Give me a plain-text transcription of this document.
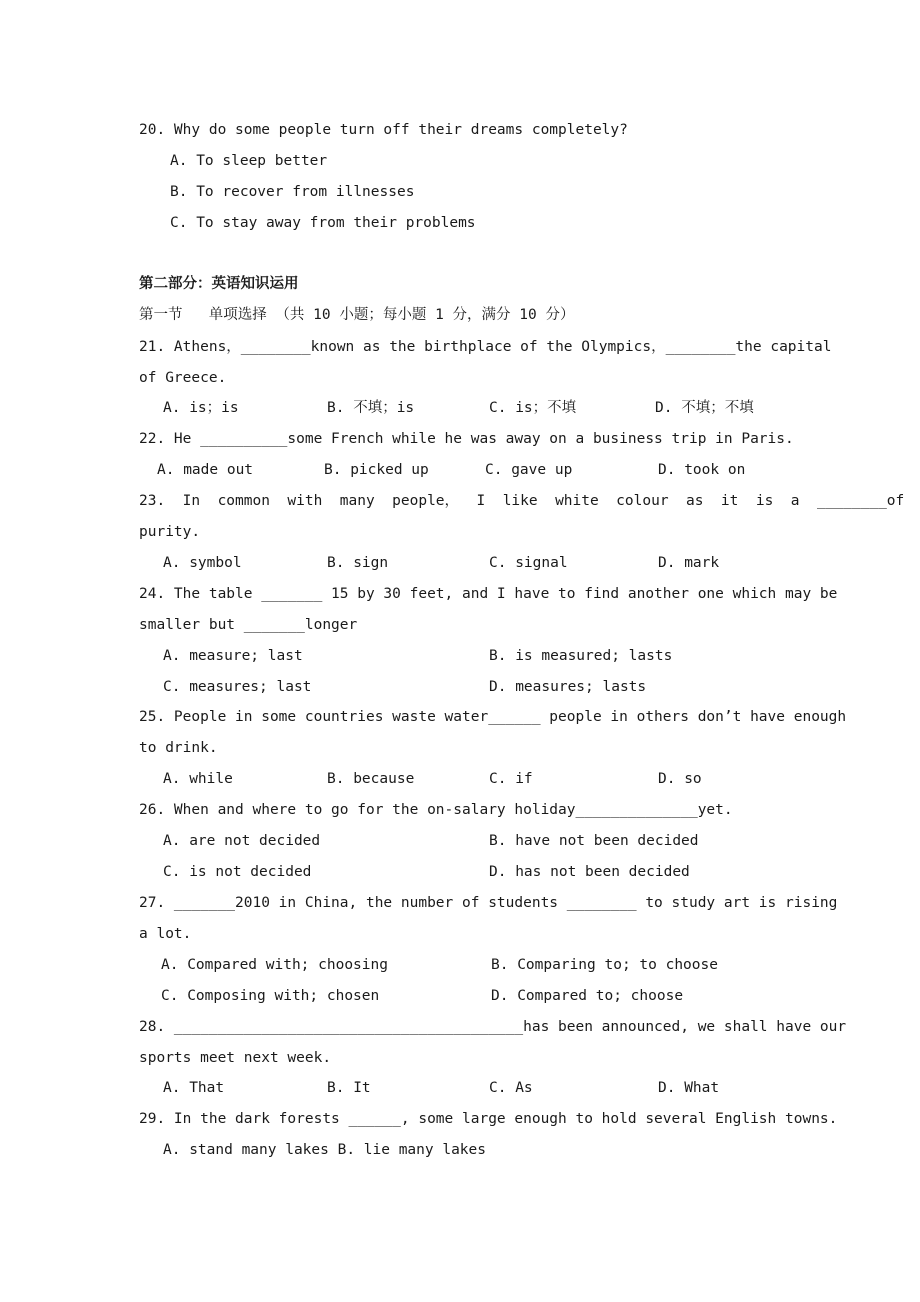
20. Why do some people turn off their dreams completely?
A. To sleep better
B. To recover from illnesses
C. To stay away from their problems
第二部分：英语知识运用
第一节   单项选择 （共 10 小题；每小题 1 分，满分 10 分）
21. Athens，________known as the birthplace of the Olympics，________the capital
of Greece.
A. is；is	B. 不填；is	C. is；不填	D. 不填；不填
22. He __________some French while he was away on a business trip in Paris.
A. made out	B. picked up	C. gave up	D. took on
23.  In  common  with  many  people，  I  like  white  colour  as  it  is  a  ________of
purity.
A. symbol	B. sign	C. signal	D. mark
24. The table _______ 15 by 30 feet, and I have to find another one which may be
smaller but _______longer
A. measure; last	B. is measured; lasts
C. measures; last	D. measures; lasts
25. People in some countries waste water______ people in others don’t have enough
to drink.
A. while	B. because	C. if	D. so
26. When and where to go for the on-salary holiday______________yet.
A. are not decided	B. have not been decided
C. is not decided	D. has not been decided
27. _______2010 in China, the number of students ________ to study art is rising
a lot.
A. Compared with; choosing	B. Comparing to; to choose
C. Composing with; chosen	D. Compared to; choose
28. ________________________________________has been announced, we shall have our
sports meet next week.
A. That	B. It	C. As	D. What
29. In the dark forests ______, some large enough to hold several English towns.
A. stand many lakes B. lie many lakes
